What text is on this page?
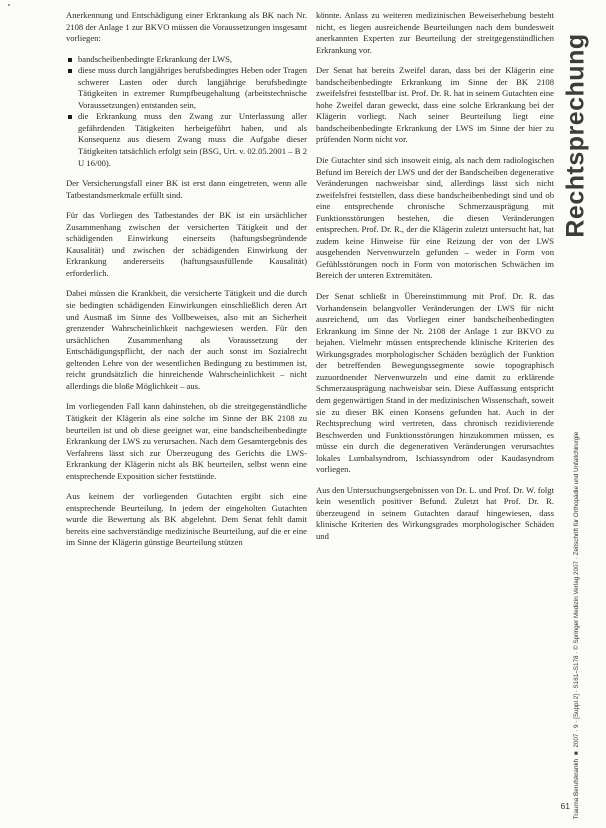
Anerkennung und Entschädigung einer Erkrankung als BK nach Nr. 2108 der Anlage 1 zur BKVO müssen die Voraussetzungen insgesamt vorliegen:

bandscheibenbedingte Erkrankung der LWS,
diese muss durch langjähriges berufsbedingtes Heben oder Tragen schwerer Lasten oder durch langjährige berufsbedingte Tätigkeiten in extremer Rumpfbeugehaltung (arbeitstechnische Voraussetzungen) entstanden sein,
die Erkrankung muss den Zwang zur Unterlassung aller gefährdenden Tätigkeiten herbeigeführt haben, und als Konsequenz aus diesem Zwang muss die Aufgabe dieser Tätigkeiten tatsächlich erfolgt sein (BSG, Urt. v. 02.05.2001 – B 2 U 16/00).

Der Versicherungsfall einer BK ist erst dann eingetreten, wenn alle Tatbestandsmerkmale erfüllt sind.

Für das Vorliegen des Tatbestandes der BK ist ein ursächlicher Zusammenhang zwischen der versicherten Tätigkeit und der schädigenden Einwirkung einerseits (haftungsbegründende Kausalität) und zwischen der schädigenden Einwirkung der Erkrankung andererseits (haftungsausfüllende Kausalität) erforderlich.

Dabei müssen die Krankheit, die versicherte Tätigkeit und die durch sie bedingten schädigenden Einwirkungen einschließlich deren Art und Ausmaß im Sinne des Vollbeweises, also mit an Sicherheit grenzender Wahrscheinlichkeit nachgewiesen werden. Für den ursächlichen Zusammenhang als Voraussetzung der Entschädigungspflicht, der nach der auch sonst im Sozialrecht geltenden Lehre von der wesentlichen Bedingung zu bestimmen ist, reicht grundsätzlich die hinreichende Wahrscheinlichkeit – nicht allerdings die bloße Möglichkeit – aus.

Im vorliegenden Fall kann dahinstehen, ob die streitgegenständliche Tätigkeit der Klägerin als eine solche im Sinne der BK 2108 zu beurteilen ist und ob diese geeignet war, eine bandscheibenbedingte Erkrankung der LWS zu verursachen. Nach dem Gesamtergebnis des Verfahrens lässt sich zur Überzeugung des Gerichts die LWS-Erkrankung der Klägerin nicht als BK beurteilen, selbst wenn eine entsprechende Exposition sicher feststünde.

Aus keinem der vorliegenden Gutachten ergibt sich eine entsprechende Beurteilung. In jedem der eingeholten Gutachten wurde die Bewertung als BK abgelehnt. Dem Senat fehlt damit bereits eine sachverständige medizinische Beurteilung, auf die er eine im Sinne der Klägerin günstige Beurteilung stützen

könnte. Anlass zu weiteren medizinischen Beweiserhebung besteht nicht, es liegen ausreichende Beurteilungen nach dem bundesweit anerkannten Experten zur Beurteilung der streitgegenständlichen Erkrankung vor.

Der Senat hat bereits Zweifel daran, dass bei der Klägerin eine bandscheibenbedingte Erkrankung im Sinne der BK 2108 zweifelsfrei feststellbar ist. Prof. Dr. R. hat in seinem Gutachten eine hohe Zweifel daran geweckt, dass eine solche Erkrankung bei der Klägerin vorliegt. Nach seiner Beurteilung liegt eine bandscheibenbedingte Erkrankung der LWS im Sinne der hier zu prüfenden Norm nicht vor.

Die Gutachter sind sich insoweit einig, als nach dem radiologischen Befund im Bereich der LWS und der der Bandscheiben degenerative Veränderungen nachweisbar sind, allerdings lässt sich nicht zweifelsfrei feststellen, dass diese bandscheibenbedingt sind und ob eine entsprechende chronische Schmerzausprägung mit Funktionsstörungen bestehen, die diesen Veränderungen entsprechen. Prof. Dr. R., der die Klägerin zuletzt untersucht hat, hat zudem keine Hinweise für eine Reizung der von der LWS ausgehenden Nervenwurzeln gefunden – weder in Form von Gefühlsstörungen noch in Form von motorischen Schwächen im Bereich der unteren Extremitäten.

Der Senat schließt in Übereinstimmung mit Prof. Dr. R. das Vorhandensein belangvoller Veränderungen der LWS für nicht ausreichend, um das Vorliegen einer bandscheibenbedingten Erkrankung im Sinne der Nr. 2108 der Anlage 1 zur BKVO zu bejahen. Vielmehr müssen entsprechende klinische Kriterien des Wirkungsgrades morphologischer Schäden bezüglich der Funktion der betreffenden Bewegungssegmente sowie topographisch zuzuordnender Nervenwurzeln und eine damit zu erklärende Schmerzausprägung nachweisbar sein. Diese Auffassung entspricht dem gegenwärtigen Stand in der medizinischen Wissenschaft, soweit sie zu dieser BK einen Konsens gefunden hat. Auch in der Rechtsprechung wird vertreten, dass chronisch rezidivierende Beschwerden und Funktionsstörungen hinzukommen müssen, es müsse ein durch die degenerativen Veränderungen verursachtes lokales Lumbalsyndrom, Ischiassyndrom oder Kaudasyndrom vorliegen.

Aus den Untersuchungsergebnissen von Dr. L. und Prof. Dr. W. folgt kein wesentlich positiver Befund. Zuletzt hat Prof. Dr. R. überzeugend in seinem Gutachten darauf hingewiesen, dass klinische Kriterien des Wirkungsgrades morphologischer Schäden und

Rechtsprechung
Trauma Berufskrankh ■ 2007 · 9 · [Suppl 2] · S161–S178 · © Springer Medizin Verlag 2007 · Zeitschrift für Orthopädie und Unfallchirurgie
61
